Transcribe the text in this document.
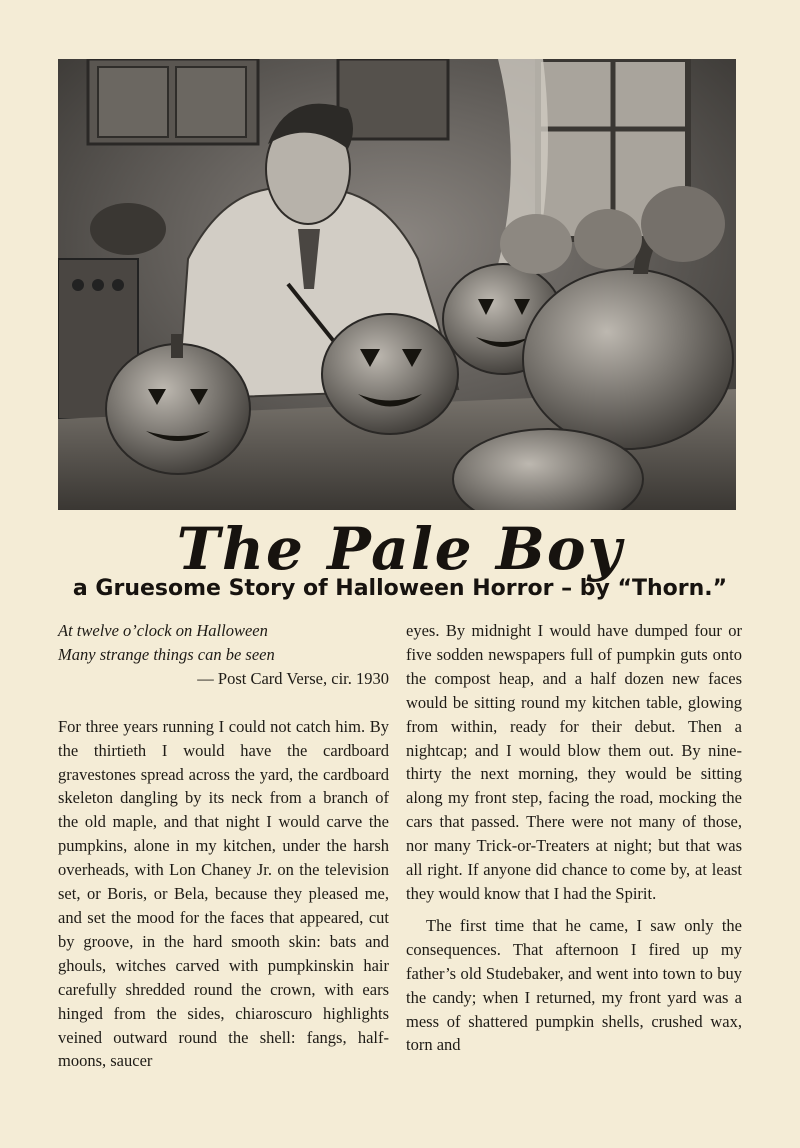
The Pale Boy
a Gruesome Story of Halloween Horror – by “Thorn.”
At twelve o’clock on Halloween
Many strange things can be seen
— Post Card Verse, cir. 1930

For three years running I could not catch him. By the thirtieth I would have the cardboard gravestones spread across the yard, the cardboard skeleton dangling by its neck from a branch of the old maple, and that night I would carve the pumpkins, alone in my kitchen, under the harsh overheads, with Lon Chaney Jr. on the television set, or Boris, or Bela, because they pleased me, and set the mood for the faces that appeared, cut by groove, in the hard smooth skin: bats and ghouls, witches carved with pumpkinskin hair carefully shredded round the crown, with ears hinged from the sides, chiaroscuro highlights veined outward round the shell: fangs, half-moons, saucer

eyes. By midnight I would have dumped four or five sodden newspapers full of pumpkin guts onto the compost heap, and a half dozen new faces would be sitting round my kitchen table, glowing from within, ready for their debut. Then a nightcap; and I would blow them out. By nine-thirty the next morning, they would be sitting along my front step, facing the road, mocking the cars that passed. There were not many of those, nor many Trick-or-Treaters at night; but that was all right. If anyone did chance to come by, at least they would know that I had the Spirit.

The first time that he came, I saw only the consequences. That afternoon I fired up my father’s old Studebaker, and went into town to buy the candy; when I returned, my front yard was a mess of shattered pumpkin shells, crushed wax, torn and
